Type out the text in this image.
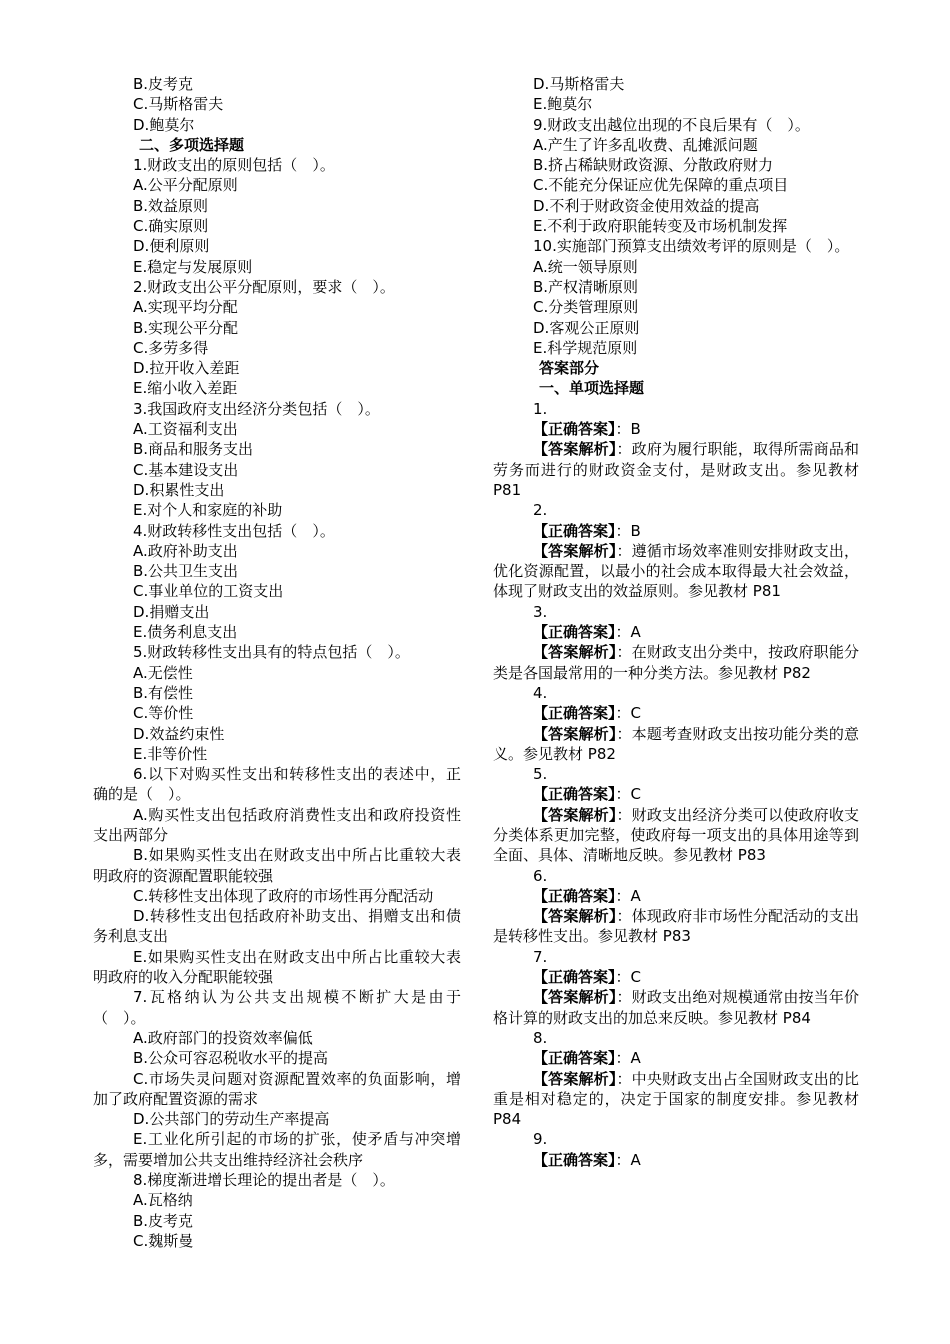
B.皮考克
C.马斯格雷夫
D.鲍莫尔
二、多项选择题
1.财政支出的原则包括（　）。
A.公平分配原则
B.效益原则
C.确实原则
D.便利原则
E.稳定与发展原则
2.财政支出公平分配原则，要求（　）。
A.实现平均分配
B.实现公平分配
C.多劳多得
D.拉开收入差距
E.缩小收入差距
3.我国政府支出经济分类包括（　）。
A.工资福利支出
B.商品和服务支出
C.基本建设支出
D.积累性支出
E.对个人和家庭的补助
4.财政转移性支出包括（　）。
A.政府补助支出
B.公共卫生支出
C.事业单位的工资支出
D.捐赠支出
E.债务利息支出
5.财政转移性支出具有的特点包括（　）。
A.无偿性
B.有偿性
C.等价性
D.效益约束性
E.非等价性
6.以下对购买性支出和转移性支出的表述中，正确的是（　）。
A.购买性支出包括政府消费性支出和政府投资性支出两部分
B.如果购买性支出在财政支出中所占比重较大表明政府的资源配置职能较强
C.转移性支出体现了政府的市场性再分配活动
D.转移性支出包括政府补助支出、捐赠支出和债务利息支出
E.如果购买性支出在财政支出中所占比重较大表明政府的收入分配职能较强
7.瓦格纳认为公共支出规模不断扩大是由于（　）。
A.政府部门的投资效率偏低
B.公众可容忍税收水平的提高
C.市场失灵问题对资源配置效率的负面影响，增加了政府配置资源的需求
D.公共部门的劳动生产率提高
E.工业化所引起的市场的扩张，使矛盾与冲突增多，需要增加公共支出维持经济社会秩序
8.梯度渐进增长理论的提出者是（　）。
A.瓦格纳
B.皮考克
C.魏斯曼
D.马斯格雷夫
E.鲍莫尔
9.财政支出越位出现的不良后果有（　）。
A.产生了许多乱收费、乱摊派问题
B.挤占稀缺财政资源、分散政府财力
C.不能充分保证应优先保障的重点项目
D.不利于财政资金使用效益的提高
E.不利于政府职能转变及市场机制发挥
10.实施部门预算支出绩效考评的原则是（　）。
A.统一领导原则
B.产权清晰原则
C.分类管理原则
D.客观公正原则
E.科学规范原则
答案部分
一、单项选择题
1.
【正确答案】：B
【答案解析】：政府为履行职能，取得所需商品和劳务而进行的财政资金支付，是财政支出。参见教材 P81
2.
【正确答案】：B
【答案解析】：遵循市场效率准则安排财政支出，优化资源配置，以最小的社会成本取得最大社会效益，体现了财政支出的效益原则。参见教材 P81
3.
【正确答案】：A
【答案解析】：在财政支出分类中，按政府职能分类是各国最常用的一种分类方法。参见教材 P82
4.
【正确答案】：C
【答案解析】：本题考查财政支出按功能分类的意义。参见教材 P82
5.
【正确答案】：C
【答案解析】：财政支出经济分类可以使政府收支分类体系更加完整，使政府每一项支出的具体用途等到全面、具体、清晰地反映。参见教材 P83
6.
【正确答案】：A
【答案解析】：体现政府非市场性分配活动的支出是转移性支出。参见教材 P83
7.
【正确答案】：C
【答案解析】：财政支出绝对规模通常由按当年价格计算的财政支出的加总来反映。参见教材 P84
8.
【正确答案】：A
【答案解析】：中央财政支出占全国财政支出的比重是相对稳定的，决定于国家的制度安排。参见教材 P84
9.
【正确答案】：A
